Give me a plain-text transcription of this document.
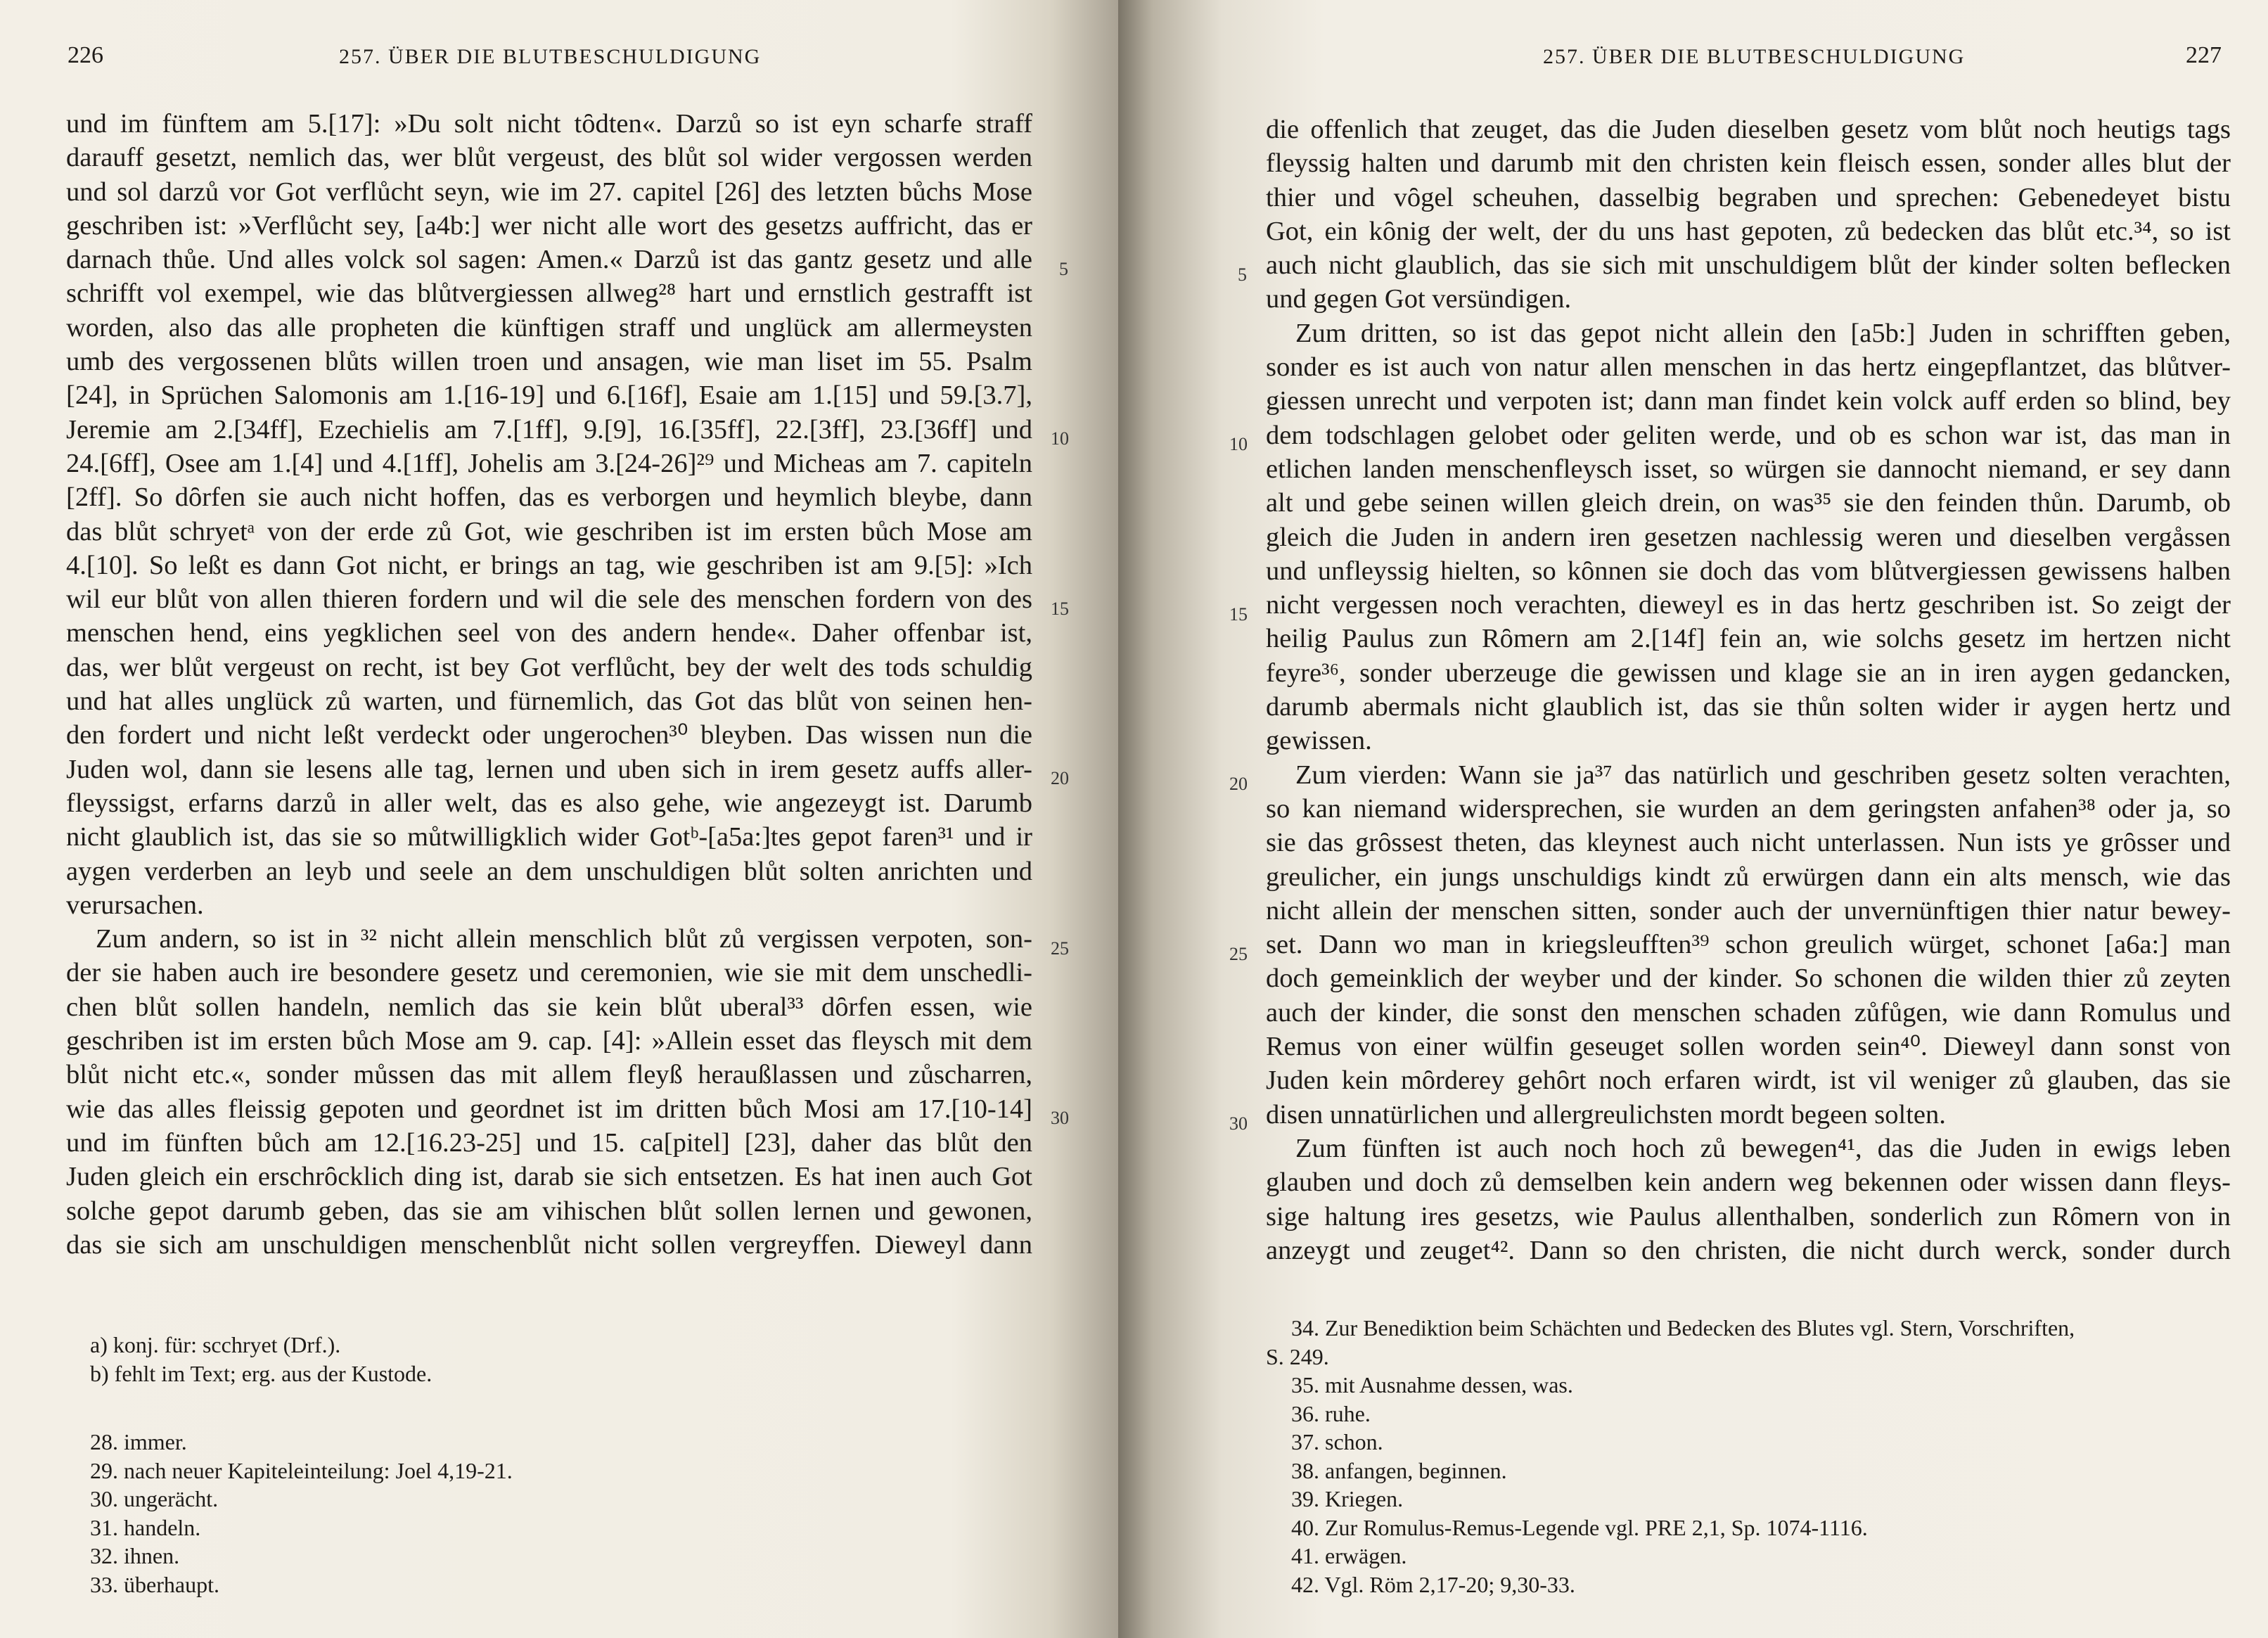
226	257. ÜBER DIE BLUTBESCHULDIGUNG
und im fünftem am 5.[17]: »Du solt nicht tȏdten«. Darzů so ist eyn scharfe straff
darauff gesetzt, nemlich das, wer blůt vergeust, des blůt sol wider vergossen werden
und sol darzů vor Got verflůcht seyn, wie im 27. capitel [26] des letzten bůchs Mose
geschriben ist: »Verflůcht sey, [a4b:] wer nicht alle wort des gesetzs auffricht, das er
darnach thůe. Und alles volck sol sagen: Amen.« Darzů ist das gantz gesetz und alle
schrifft vol exempel, wie das blůtvergiessen allweg²⁸ hart und ernstlich gestrafft ist
worden, also das alle propheten die künftigen straff und unglück am allermeysten
umb des vergossenen blůts willen troen und ansagen, wie man liset im 55. Psalm
[24], in Sprüchen Salomonis am 1.[16-19] und 6.[16f], Esaie am 1.[15] und 59.[3.7],
Jeremie am 2.[34ff], Ezechielis am 7.[1ff], 9.[9], 16.[35ff], 22.[3ff], 23.[36ff] und
24.[6ff], Osee am 1.[4] und 4.[1ff], Johelis am 3.[24-26]²⁹ und Micheas am 7. capiteln
[2ff]. So dȏrfen sie auch nicht hoffen, das es verborgen und heymlich bleybe, dann
das blůt schryetᵃ von der erde zů Got, wie geschriben ist im ersten bůch Mose am
4.[10]. So leßt es dann Got nicht, er brings an tag, wie geschriben ist am 9.[5]: »Ich
wil eur blůt von allen thieren fordern und wil die sele des menschen fordern von des
menschen hend, eins yegklichen seel von des andern hende«. Daher offenbar ist,
das, wer blůt vergeust on recht, ist bey Got verflůcht, bey der welt des tods schuldig
und hat alles unglück zů warten, und fürnemlich, das Got das blůt von seinen hen-
den fordert und nicht leßt verdeckt oder ungerochen³⁰ bleyben. Das wissen nun die
Juden wol, dann sie lesens alle tag, lernen und uben sich in irem gesetz auffs aller-
fleyssigst, erfarns darzů in aller welt, das es also gehe, wie angezeygt ist. Darumb
nicht glaublich ist, das sie so můtwilligklich wider Gotᵇ-[a5a:]tes gepot faren³¹ und ir
aygen verderben an leyb und seele an dem unschuldigen blůt solten anrichten und
verursachen.
Zum andern, so ist in ³² nicht allein menschlich blůt zů vergissen verpoten, son-
der sie haben auch ire besondere gesetz und ceremonien, wie sie mit dem unschedli-
chen blůt sollen handeln, nemlich das sie kein blůt uberal³³ dȏrfen essen, wie
geschriben ist im ersten bůch Mose am 9. cap. [4]: »Allein esset das fleysch mit dem
blůt nicht etc.«, sonder můssen das mit allem fleyß heraußlassen und zůscharren,
wie das alles fleissig gepoten und geordnet ist im dritten bůch Mosi am 17.[10-14]
und im fünften bůch am 12.[16.23-25] und 15. ca[pitel] [23], daher das blůt den
Juden gleich ein erschrȏcklich ding ist, darab sie sich entsetzen. Es hat inen auch Got
solche gepot darumb geben, das sie am vihischen blůt sollen lernen und gewonen,
das sie sich am unschuldigen menschenblůt nicht sollen vergreyffen. Dieweyl dann
5
10
15
20
25
30
a) konj. für: scchryet (Drf.).
b) fehlt im Text; erg. aus der Kustode.
28. immer.
29. nach neuer Kapiteleinteilung: Joel 4,19-21.
30. ungerächt.
31. handeln.
32. ihnen.
33. überhaupt.
257. ÜBER DIE BLUTBESCHULDIGUNG	227
die offenlich that zeuget, das die Juden dieselben gesetz vom blůt noch heutigs tags
fleyssig halten und darumb mit den christen kein fleisch essen, sonder alles blut der
thier und vȏgel scheuhen, dasselbig begraben und sprechen: Gebenedeyet bistu
Got, ein kȏnig der welt, der du uns hast gepoten, zů bedecken das blůt etc.³⁴, so ist
auch nicht glaublich, das sie sich mit unschuldigem blůt der kinder solten beflecken
und gegen Got versündigen.
Zum dritten, so ist das gepot nicht allein den [a5b:] Juden in schrifften geben,
sonder es ist auch von natur allen menschen in das hertz eingepflantzet, das blůtver-
giessen unrecht und verpoten ist; dann man findet kein volck auff erden so blind, bey
dem todschlagen gelobet oder geliten werde, und ob es schon war ist, das man in
etlichen landen menschenfleysch isset, so würgen sie dannocht niemand, er sey dann
alt und gebe seinen willen gleich drein, on was³⁵ sie den feinden thůn. Darumb, ob
gleich die Juden in andern iren gesetzen nachlessig weren und dieselben vergåssen
und unfleyssig hielten, so kȏnnen sie doch das vom blůtvergiessen gewissens halben
nicht vergessen noch verachten, dieweyl es in das hertz geschriben ist. So zeigt der
heilig Paulus zun Rȏmern am 2.[14f] fein an, wie solchs gesetz im hertzen nicht
feyre³⁶, sonder uberzeuge die gewissen und klage sie an in iren aygen gedancken,
darumb abermals nicht glaublich ist, das sie thůn solten wider ir aygen hertz und
gewissen.
Zum vierden: Wann sie ja³⁷ das natürlich und geschriben gesetz solten verachten,
so kan niemand widersprechen, sie wurden an dem geringsten anfahen³⁸ oder ja, so
sie das grȏssest theten, das kleynest auch nicht unterlassen. Nun ists ye grȏsser und
greulicher, ein jungs unschuldigs kindt zů erwürgen dann ein alts mensch, wie das
nicht allein der menschen sitten, sonder auch der unvernünftigen thier natur beweу-
set. Dann wo man in kriegsleufften³⁹ schon greulich würget, schonet [a6a:] man
doch gemeinklich der weyber und der kinder. So schonen die wilden thier zů zeyten
auch der kinder, die sonst den menschen schaden zůfůgen, wie dann Romulus und
Remus von einer wülfin geseuget sollen worden sein⁴⁰. Dieweyl dann sonst von
Juden kein mȏrderey gehȏrt noch erfaren wirdt, ist vil weniger zů glauben, das sie
disen unnatürlichen und allergreulichsten mordt begeen solten.
Zum fünften ist auch noch hoch zů bewegen⁴¹, das die Juden in ewigs leben
glauben und doch zů demselben kein andern weg bekennen oder wissen dann fleys-
sige haltung ires gesetzs, wie Paulus allenthalben, sonderlich zun Rȏmern von in
anzeygt und zeuget⁴². Dann so den christen, die nicht durch werck, sonder durch
5
10
15
20
25
30
34. Zur Benediktion beim Schächten und Bedecken des Blutes vgl. Stern, Vorschriften,
S. 249.
35. mit Ausnahme dessen, was.
36. ruhe.
37. schon.
38. anfangen, beginnen.
39. Kriegen.
40. Zur Romulus-Remus-Legende vgl. PRE 2,1, Sp. 1074-1116.
41. erwägen.
42. Vgl. Röm 2,17-20; 9,30-33.
